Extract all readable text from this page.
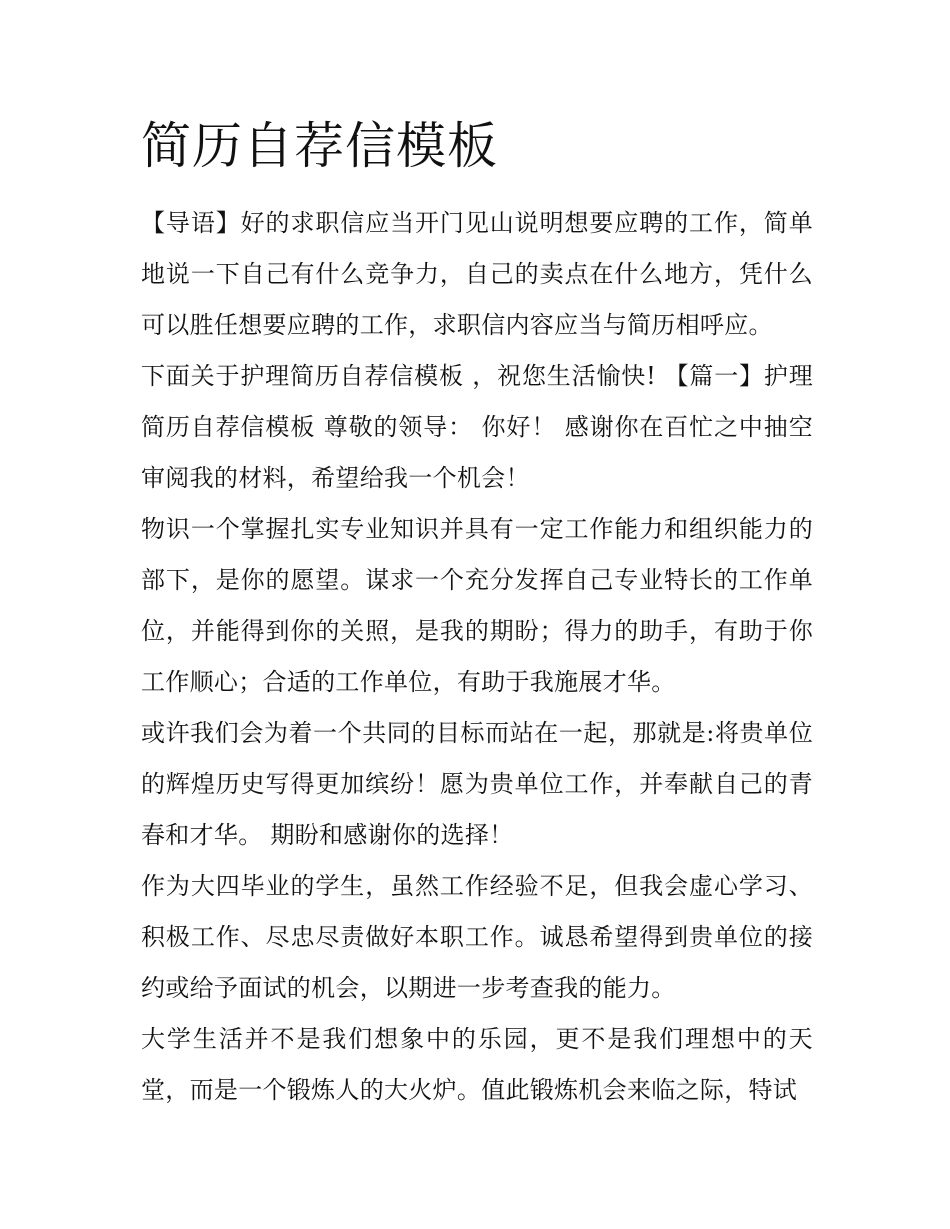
简历自荐信模板

【导语】好的求职信应当开门见山说明想要应聘的工作，简单地说一下自己有什么竞争力，自己的卖点在什么地方，凭什么可以胜任想要应聘的工作，求职信内容应当与简历相呼应。

下面关于护理简历自荐信模板 ，祝您生活愉快! 【篇一】护理简历自荐信模板 尊敬的领导： 你好！ 感谢你在百忙之中抽空审阅我的材料，希望给我一个机会！

物识一个掌握扎实专业知识并具有一定工作能力和组织能力的部下，是你的愿望。谋求一个充分发挥自己专业特长的工作单位，并能得到你的关照，是我的期盼；得力的助手，有助于你工作顺心；合适的工作单位，有助于我施展才华。

或许我们会为着一个共同的目标而站在一起，那就是:将贵单位的辉煌历史写得更加缤纷！愿为贵单位工作，并奉献自己的青春和才华。 期盼和感谢你的选择！

作为大四毕业的学生，虽然工作经验不足，但我会虚心学习、积极工作、尽忠尽责做好本职工作。诚恳希望得到贵单位的接约或给予面试的机会，以期进一步考查我的能力。

大学生活并不是我们想象中的乐园，更不是我们理想中的天堂，而是一个锻炼人的大火炉。值此锻炼机会来临之际，特试
